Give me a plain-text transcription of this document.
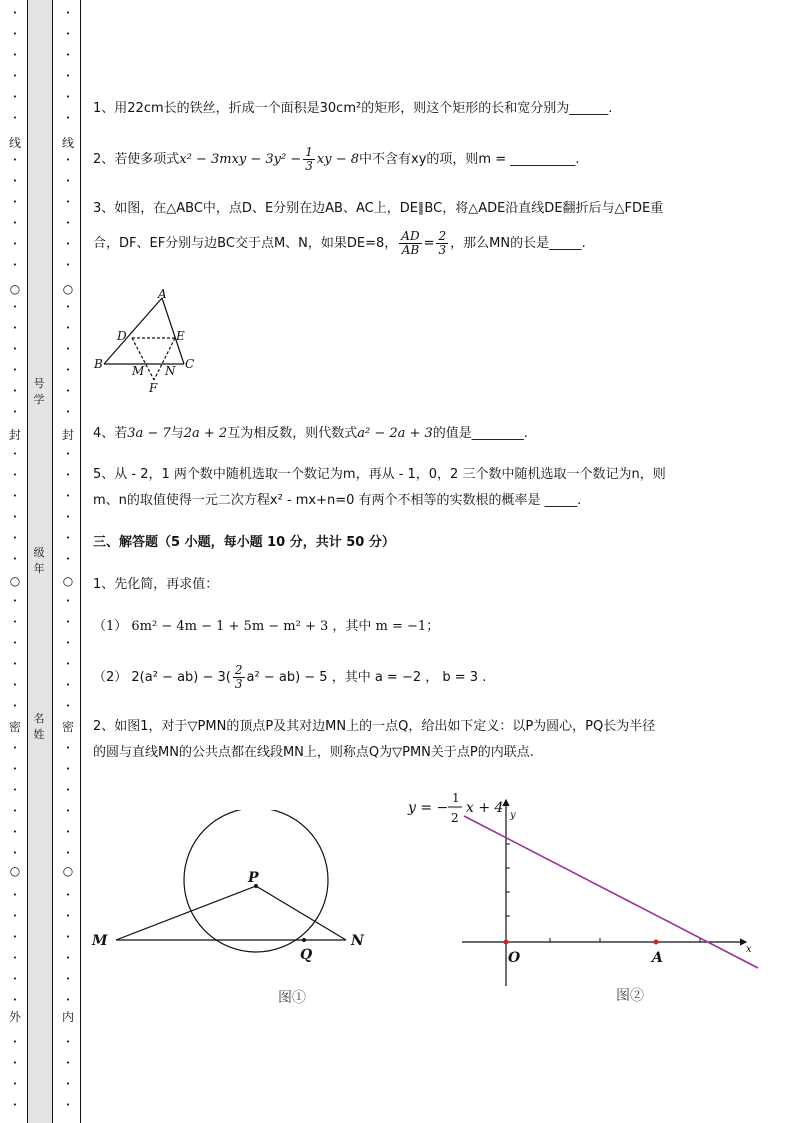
•
•
•
•
•
•
线
•
•
•
•
•
•
○
•
•
•
•
•
•
封
•
•
•
•
•
•
○
•
•
•
•
•
•
密
•
•
•
•
•
•
○
•
•
•
•
•
•
外
•
•
•
•
•
•
•
•
•
•
线
•
•
•
•
•
•
○
•
•
•
•
•
•
封
•
•
•
•
•
•
○
•
•
•
•
•
•
密
•
•
•
•
•
•
○
•
•
•
•
•
•
内
•
•
•
•
号学
级年
名姓
1、用22cm长的铁丝，折成一个面积是30cm²的矩形，则这个矩形的长和宽分别为______.
2、若使多项式$x^2 - 3mxy - 3y^2 - \frac{1}{3}$ xy − 8中不含有xy的项，则m = __________.
3、如图，在△ABC中，点D、E分别在边AB、AC上，DE∥BC，将△ADE沿直线DE翻折后与△FDE重
合，DF、EF分别与边BC交于点M、N，如果DE=8， $\frac{AD}{AB} = \frac{2}{3}$ ，那么MN的长是_____.
4、若3a − 7与2a + 2互为相反数，则代数式a² − 2a + 3的值是________.
5、从 - 2，1 两个数中随机选取一个数记为m，再从 - 1，0，2 三个数中随机选取一个数记为n，则
m、n的取值使得一元二次方程x² - mx+n=0 有两个不相等的实数根的概率是 _____.
三、解答题（5 小题，每小题 10 分，共计 50 分）
1、先化简，再求值：
（1） 6m² − 4m − 1 + 5m − m² + 3 ，其中 m = −1；
（2） $2(a^2 - ab) - 3( \frac{2}{3} a^2 - ab) - 5$ ，其中 a = −2 ， b = 3 .
2、如图1，对于▽PMN的顶点P及其对边MN上的一点Q，给出如下定义：以P为圆心，PQ长为半径
的圆与直线MN的公共点都在线段MN上，则称点Q为▽PMN关于点P的内联点.
A
D	E
B M N C
F
P
M	N
Q
图①
y = −
1
2
x + 4 y
x
O	A
图②
